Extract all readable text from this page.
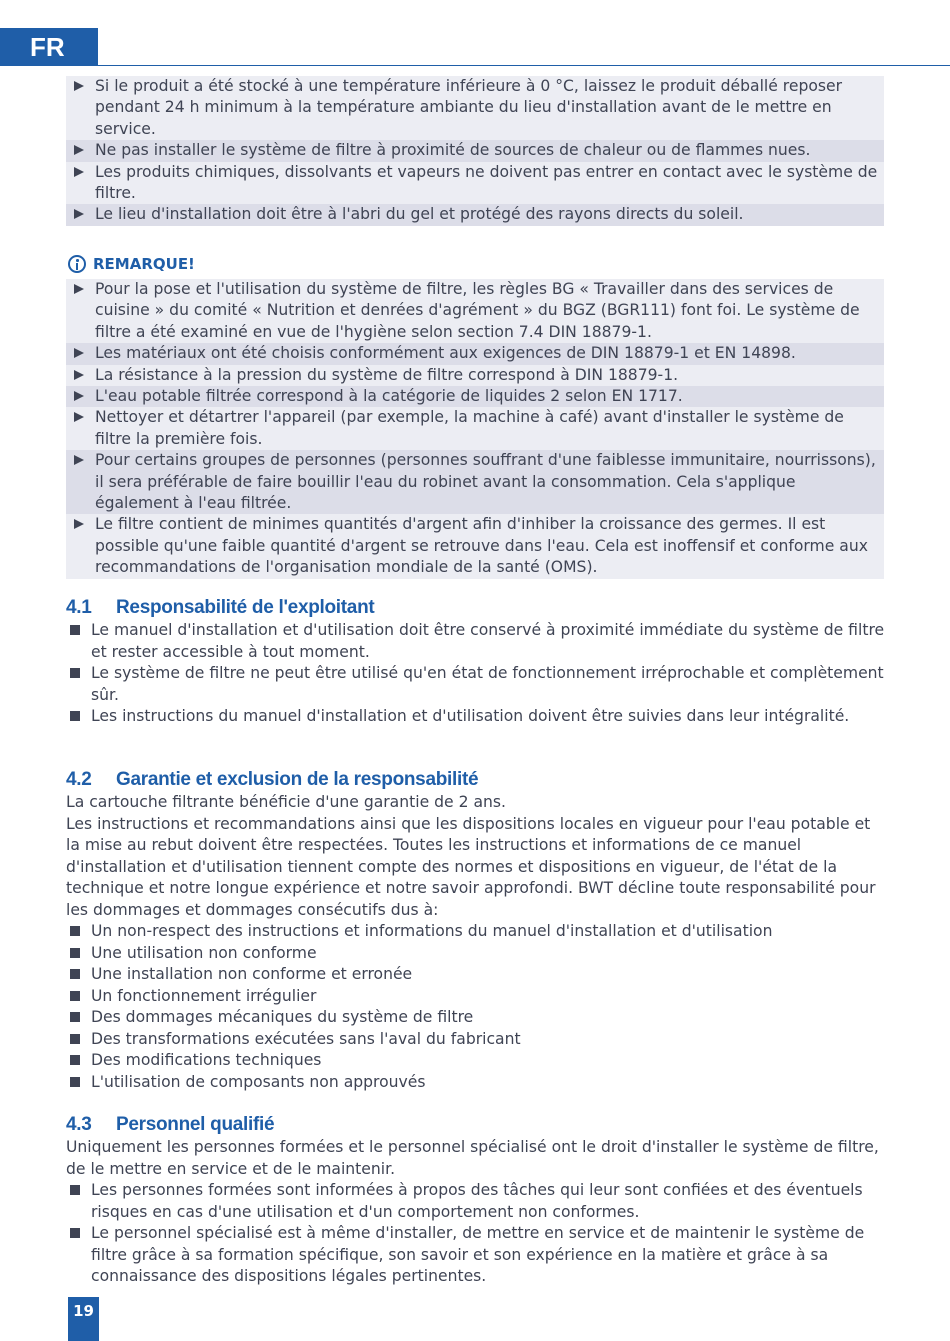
FR
Si le produit a été stocké à une température inférieure à 0 °C, laissez le produit déballé reposer pendant 24 h minimum à la température ambiante du lieu d'installation avant de le mettre en service.
Ne pas installer le système de filtre à proximité de sources de chaleur ou de flammes nues.
Les produits chimiques, dissolvants et vapeurs ne doivent pas entrer en contact avec le système de filtre.
Le lieu d'installation doit être à l'abri du gel et protégé des rayons directs du soleil.
REMARQUE!
Pour la pose et l'utilisation du système de filtre, les règles BG « Travailler dans des services de cuisine » du comité « Nutrition et denrées d'agrément » du BGZ (BGR111) font foi. Le système de filtre a été examiné en vue de l'hygiène selon section 7.4 DIN 18879-1.
Les matériaux ont été choisis conformément aux exigences de DIN 18879-1 et EN 14898.
La résistance à la pression du système de filtre correspond à DIN 18879-1.
L'eau potable filtrée correspond à la catégorie de liquides 2 selon EN 1717.
Nettoyer et détartrer l'appareil (par exemple, la machine à café) avant d'installer le système de filtre la première fois.
Pour certains groupes de personnes (personnes souffrant d'une faiblesse immunitaire, nourrissons), il sera préférable de faire bouillir l'eau du robinet avant la consommation. Cela s'applique également à l'eau filtrée.
Le filtre contient de minimes quantités d'argent afin d'inhiber la croissance des germes. Il est possible qu'une faible quantité d'argent se retrouve dans l'eau. Cela est inoffensif et conforme aux recommandations de l'organisation mondiale de la santé (OMS).
4.1 Responsabilité de l'exploitant
Le manuel d'installation et d'utilisation doit être conservé à proximité immédiate du système de filtre et rester accessible à tout moment.
Le système de filtre ne peut être utilisé qu'en état de fonctionnement irréprochable et complètement sûr.
Les instructions du manuel d'installation et d'utilisation doivent être suivies dans leur intégralité.
4.2 Garantie et exclusion de la responsabilité
La cartouche filtrante bénéficie d'une garantie de 2 ans.
Les instructions et recommandations ainsi que les dispositions locales en vigueur pour l'eau potable et la mise au rebut doivent être respectées. Toutes les instructions et informations de ce manuel d'installation et d'utilisation tiennent compte des normes et dispositions en vigueur, de l'état de la technique et notre longue expérience et notre savoir approfondi. BWT décline toute responsabilité pour les dommages et dommages consécutifs dus à:
Un non-respect des instructions et informations du manuel d'installation et d'utilisation
Une utilisation non conforme
Une installation non conforme et erronée
Un fonctionnement irrégulier
Des dommages mécaniques du système de filtre
Des transformations exécutées sans l'aval du fabricant
Des modifications techniques
L'utilisation de composants non approuvés
4.3 Personnel qualifié
Uniquement les personnes formées et le personnel spécialisé ont le droit d'installer le système de filtre, de le mettre en service et de le maintenir.
Les personnes formées sont informées à propos des tâches qui leur sont confiées et des éventuels risques en cas d'une utilisation et d'un comportement non conformes.
Le personnel spécialisé est à même d'installer, de mettre en service et de maintenir le système de filtre grâce à sa formation spécifique, son savoir et son expérience en la matière et grâce à sa connaissance des dispositions légales pertinentes.
19
